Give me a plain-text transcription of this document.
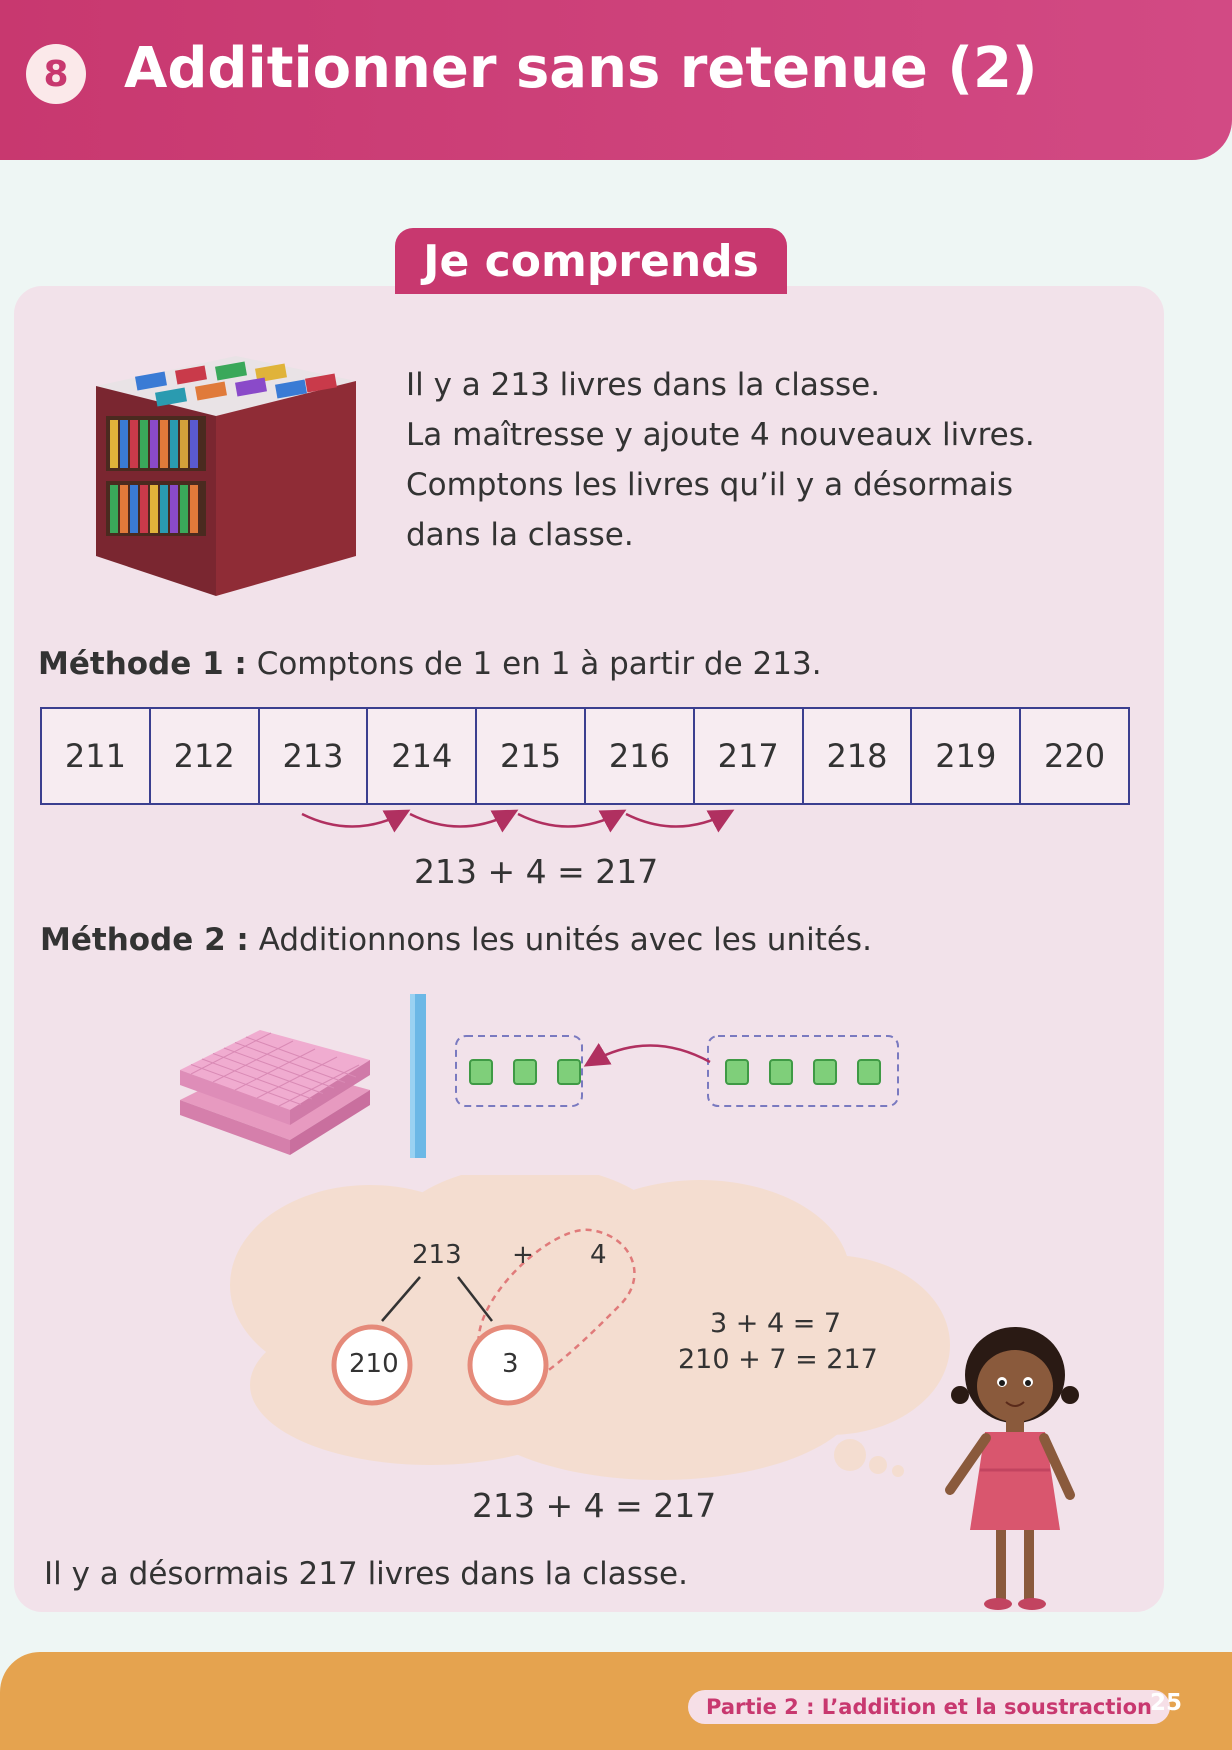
8 Additionner sans retenue (2)
Je comprends
Il y a 213 livres dans la classe.
La maîtresse y ajoute 4 nouveaux livres.
Comptons les livres qu’il y a désormais
dans la classe.
Méthode 1 : Comptons de 1 en 1 à partir de 213.
211	212	213	214	215	216	217	218	219	220
213 + 4 = 217
Méthode 2 : Additionnons les unités avec les unités.
213 + 4
210	3
3 + 4 = 7
210 + 7 = 217
213 + 4 = 217
Il y a désormais 217 livres dans la classe.
Partie 2 : L’addition et la soustraction
25
